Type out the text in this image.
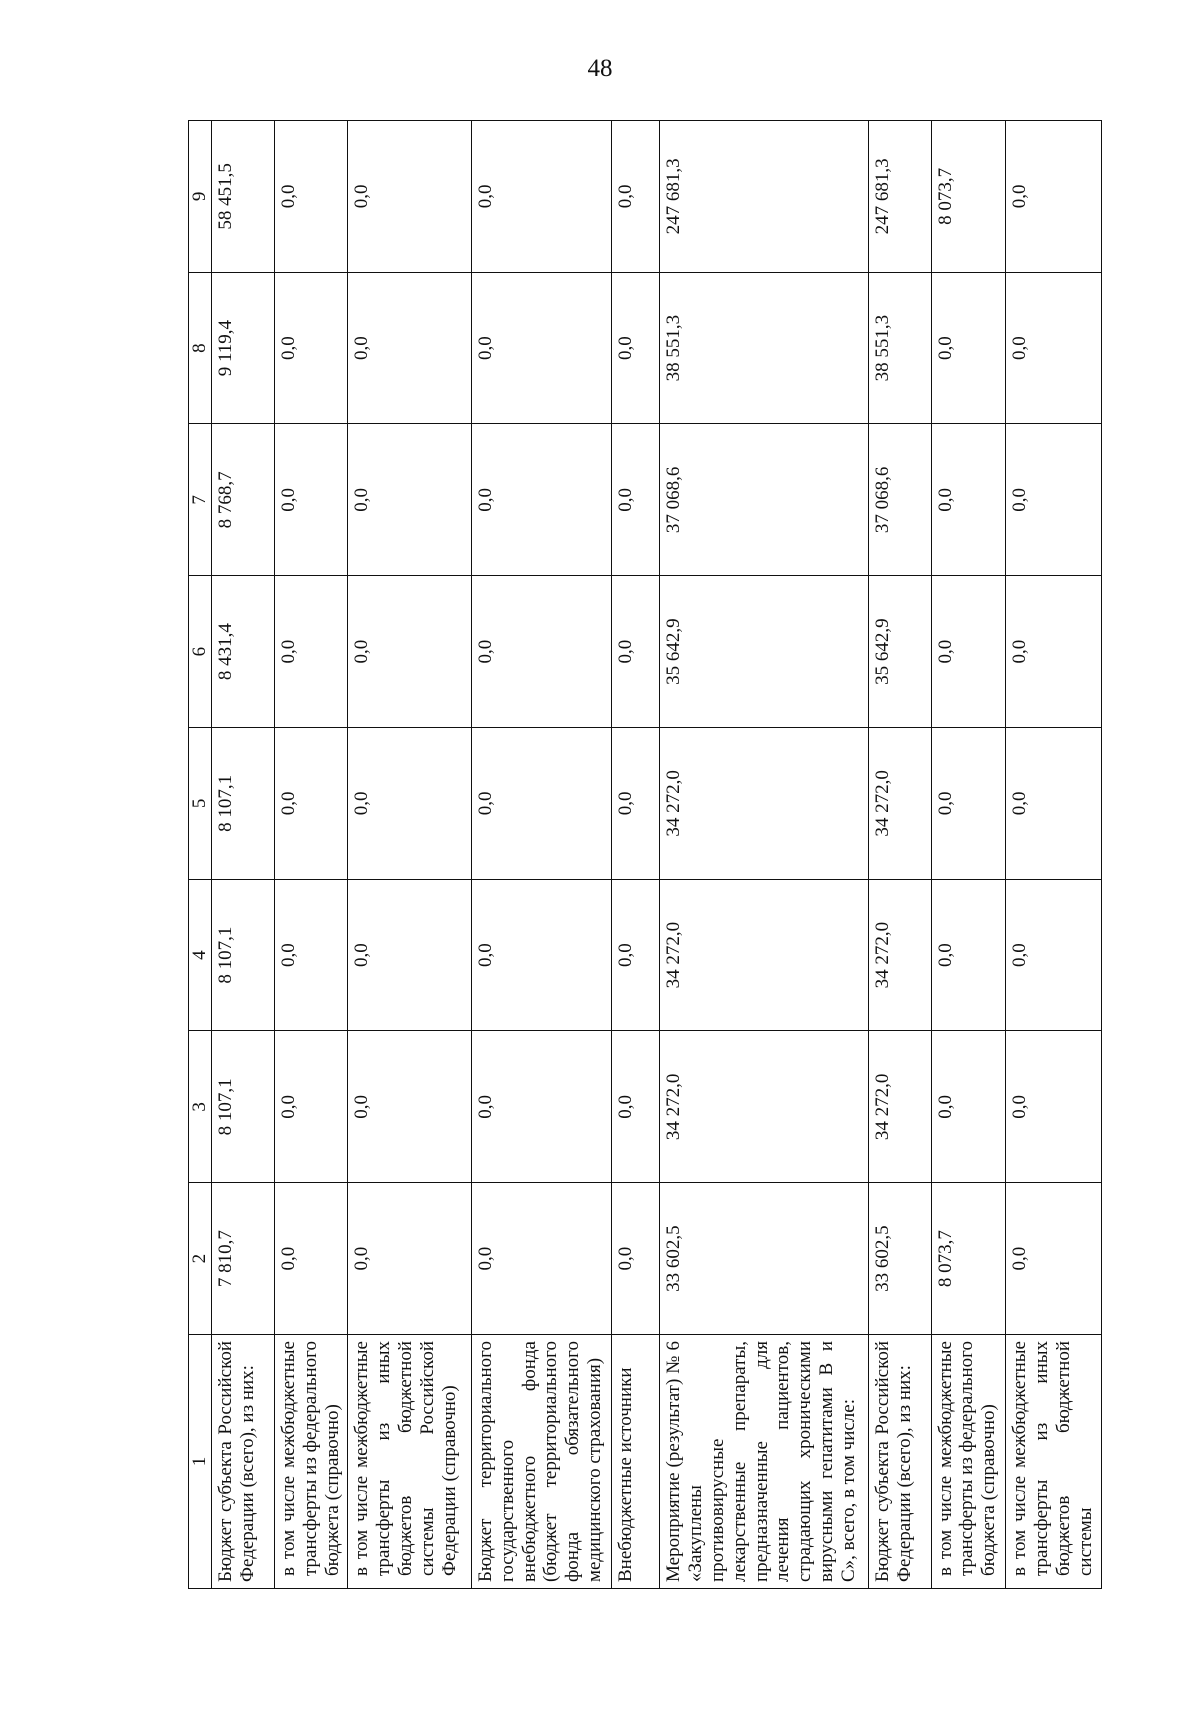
48
1	2	3	4	5	6	7	8	9
Бюджет субъекта Российской Федерации (всего), из них:	7 810,7	8 107,1	8 107,1	8 107,1	8 431,4	8 768,7	9 119,4	58 451,5
в том числе межбюджетные трансферты из федерального бюджета (справочно)	0,0	0,0	0,0	0,0	0,0	0,0	0,0	0,0
в том числе межбюджетные трансферты из иных бюджетов бюджетной системы Российской Федерации (справочно)	0,0	0,0	0,0	0,0	0,0	0,0	0,0	0,0
Бюджет территориального государственного внебюджетного фонда (бюджет территориального фонда обязательного медицинского страхования)	0,0	0,0	0,0	0,0	0,0	0,0	0,0	0,0
Внебюджетные источники	0,0	0,0	0,0	0,0	0,0	0,0	0,0	0,0
Мероприятие (результат) № 6 «Закуплены противовирусные лекарственные препараты, предназначенные для лечения пациентов, страдающих хроническими вирусными гепатитами B и C», всего, в том числе:	33 602,5	34 272,0	34 272,0	34 272,0	35 642,9	37 068,6	38 551,3	247 681,3
Бюджет субъекта Российской Федерации (всего), из них:	33 602,5	34 272,0	34 272,0	34 272,0	35 642,9	37 068,6	38 551,3	247 681,3
в том числе межбюджетные трансферты из федерального бюджета (справочно)	8 073,7	0,0	0,0	0,0	0,0	0,0	0,0	8 073,7
в том числе межбюджетные трансферты из иных бюджетов бюджетной системы	0,0	0,0	0,0	0,0	0,0	0,0	0,0	0,0
